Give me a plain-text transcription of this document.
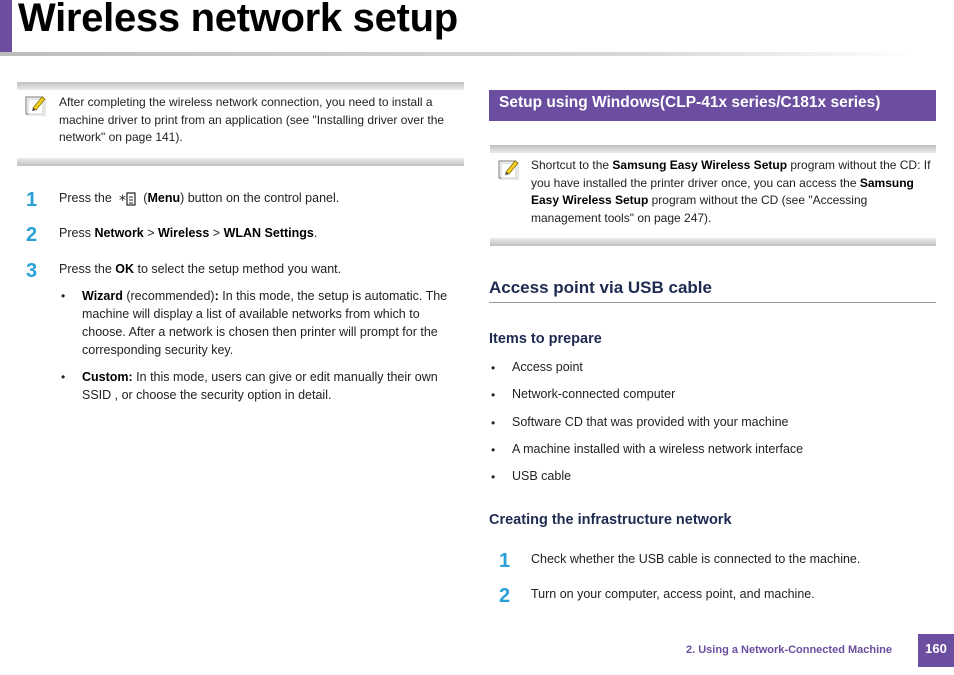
Wireless network setup
After completing the wireless network connection, you need to install a machine driver to print from an application (see "Installing driver over the network" on page 141).
1 Press the * (Menu) button on the control panel.
2 Press Network > Wireless > WLAN Settings.
3 Press the OK to select the setup method you want.
• Wizard (recommended): In this mode, the setup is automatic. The machine will display a list of available networks from which to choose. After a network is chosen then printer will prompt for the corresponding security key.
• Custom: In this mode, users can give or edit manually their own SSID , or choose the security option in detail.
Setup using Windows(CLP-41x series/C181x series)
Shortcut to the Samsung Easy Wireless Setup program without the CD: If you have installed the printer driver once, you can access the Samsung Easy Wireless Setup program without the CD (see "Accessing management tools" on page 247).
Access point via USB cable
Items to prepare
• Access point
• Network-connected computer
• Software CD that was provided with your machine
• A machine installed with a wireless network interface
• USB cable
Creating the infrastructure network
1 Check whether the USB cable is connected to the machine.
2 Turn on your computer, access point, and machine.
2. Using a Network-Connected Machine	160
